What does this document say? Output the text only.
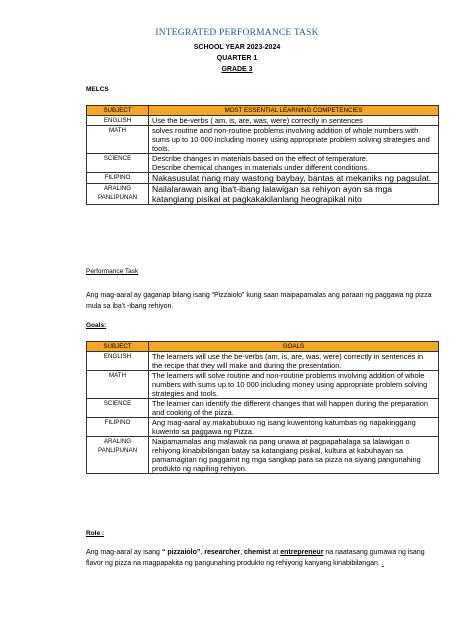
INTEGRATED PERFORMANCE TASK
SCHOOL YEAR 2023-2024
QUARTER 1
GRADE 3
MELCS
SUBJECT	MOST ESSENTIAL LEARNING COMPETENCIES
ENGLISH	Use the be-verbs ( am, is, are, was, were) correctly in sentences
MATH	solves routine and non-routine problems involving addition of whole numbers with sums up to 10 000 including money using appropriate problem solving strategies and tools.
SCIENCE	Describe changes in materials based on the effect of temperature.
Describe chemical changes in materials under different conditions.

FILIPINO	Nakasusulat nang may wastong baybay, bantas at mekaniks ng pagsulat.
ARALING PANLIPUNAN	Nailalarawan ang iba't-ibang lalawigan sa rehiyon ayon sa mga katangiang pisikal at pagkakakilanlang heograpikal nito
Performance Task
Ang mag-aaral ay gaganap bilang isang “Pizzaiolo” kung saan maipapamalas ang paraan ng paggawa ng pizza mula sa iba't -ibang rehiyon.
Goals:
SUBJECT	GOALS
ENGLISH	The learners will use the be-verbs (am, is, are, was, were) correctly in sentences in the recipe that they will make and during the presentation.
MATH	The learners will solve routine and non-routine problems involving addition of whole numbers with sums up to 10 000 including money using appropriate problem solving strategies and tools.
SCIENCE	The learner can identify the different changes that will happen during the preparation and cooking of the pizza.
FILIPINO	Ang mag-aaral ay makabubuuo ng isang kuwentong katumbas ng napakinggang kuwento sa paggawa ng Pizza.
ARALING PANLIPUNAN	Naipamamalas ang malawak na pang unawa at pagpapahalaga sa lalawigan o rehiyong kinabibilangan batay sa katangiang pisikal, kultura at kabuhayan sa pamamagitan ng paggamit ng mga sangkap para sa pizza na siyang pangunahing produkto ng napiling rehiyon.
Role :
Ang mag-aaral ay isang “ pizzaiolo”, researcher, chemist at entrepreneur na naatasang gumawa ng isang flavor ng pizza na magpapakita ng pangunahing produkto ng rehiyong kanyang kinabibilangan. .
